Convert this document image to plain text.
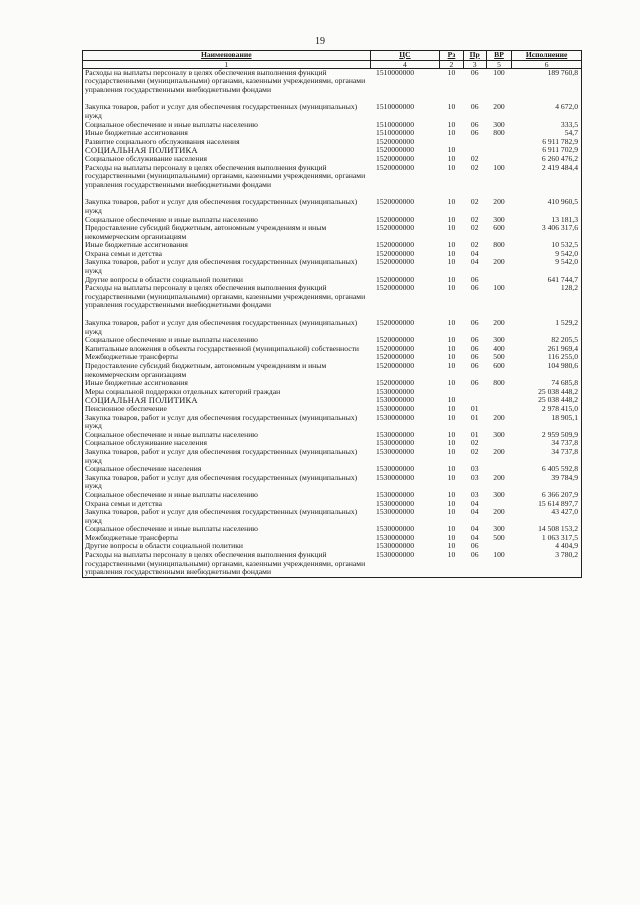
19
Наименование	ЦС	Рз	Пр	ВР	Исполнение
1	4	2	3	5	6
Расходы на выплаты персоналу в целях обеспечения выполнения функций государственными (муниципальными) органами, казенными учреждениями, органами управления государственными внебюджетными фондами	1510000000	10	06	100	189 760,8

Закупка товаров, работ и услуг для обеспечения государственных (муниципальных) нужд	1510000000	10	06	200	4 672,0
Социальное обеспечение и иные выплаты населению	1510000000	10	06	300	333,5
Иные бюджетные ассигнования	1510000000	10	06	800	54,7
Развитие социального обслуживания населения	1520000000				6 911 782,9
СОЦИАЛЬНАЯ ПОЛИТИКА	1520000000	10			6 911 702,9
Социальное обслуживание населения	1520000000	10	02		6 260 476,2
Расходы на выплаты персоналу в целях обеспечения выполнения функций государственными (муниципальными) органами, казенными учреждениями, органами управления государственными внебюджетными фондами	1520000000	10	02	100	2 419 484,4

Закупка товаров, работ и услуг для обеспечения государственных (муниципальных) нужд	1520000000	10	02	200	410 960,5
Социальное обеспечение и иные выплаты населению	1520000000	10	02	300	13 181,3
Предоставление субсидий бюджетным, автономным учреждениям и иным некоммерческим организациям	1520000000	10	02	600	3 406 317,6
Иные бюджетные ассигнования	1520000000	10	02	800	10 532,5
Охрана семьи и детства	1520000000	10	04		9 542,0
Закупка товаров, работ и услуг для обеспечения государственных (муниципальных) нужд	1520000000	10	04	200	9 542,0
Другие вопросы в области социальной политики	1520000000	10	06		641 744,7
Расходы на выплаты персоналу в целях обеспечения выполнения функций государственными (муниципальными) органами, казенными учреждениями, органами управления государственными внебюджетными фондами	1520000000	10	06	100	128,2

Закупка товаров, работ и услуг для обеспечения государственных (муниципальных) нужд	1520000000	10	06	200	1 529,2
Социальное обеспечение и иные выплаты населению	1520000000	10	06	300	82 205,5
Капитальные вложения в объекты государственной (муниципальной) собственности	1520000000	10	06	400	261 969,4
Межбюджетные трансферты	1520000000	10	06	500	116 255,0
Предоставление субсидий бюджетным, автономным учреждениям и иным некоммерческим организациям	1520000000	10	06	600	104 980,6
Иные бюджетные ассигнования	1520000000	10	06	800	74 685,8
Меры социальной поддержки отдельных категорий граждан	1530000000				25 038 448,2
СОЦИАЛЬНАЯ ПОЛИТИКА	1530000000	10			25 038 448,2
Пенсионное обеспечение	1530000000	10	01		2 978 415,0
Закупка товаров, работ и услуг для обеспечения государственных (муниципальных) нужд	1530000000	10	01	200	18 905,1
Социальное обеспечение и иные выплаты населению	1530000000	10	01	300	2 959 509,9
Социальное обслуживание населения	1530000000	10	02		34 737,8
Закупка товаров, работ и услуг для обеспечения государственных (муниципальных) нужд	1530000000	10	02	200	34 737,8
Социальное обеспечение населения	1530000000	10	03		6 405 592,8
Закупка товаров, работ и услуг для обеспечения государственных (муниципальных) нужд	1530000000	10	03	200	39 784,9
Социальное обеспечение и иные выплаты населению	1530000000	10	03	300	6 366 207,9
Охрана семьи и детства	1530000000	10	04		15 614 897,7
Закупка товаров, работ и услуг для обеспечения государственных (муниципальных) нужд	1530000000	10	04	200	43 427,0
Социальное обеспечение и иные выплаты населению	1530000000	10	04	300	14 508 153,2
Межбюджетные трансферты	1530000000	10	04	500	1 063 317,5
Другие вопросы в области социальной политики	1530000000	10	06		4 404,9
Расходы на выплаты персоналу в целях обеспечения выполнения функций государственными (муниципальными) органами, казенными учреждениями, органами управления государственными внебюджетными фондами	1530000000	10	06	100	3 780,2
